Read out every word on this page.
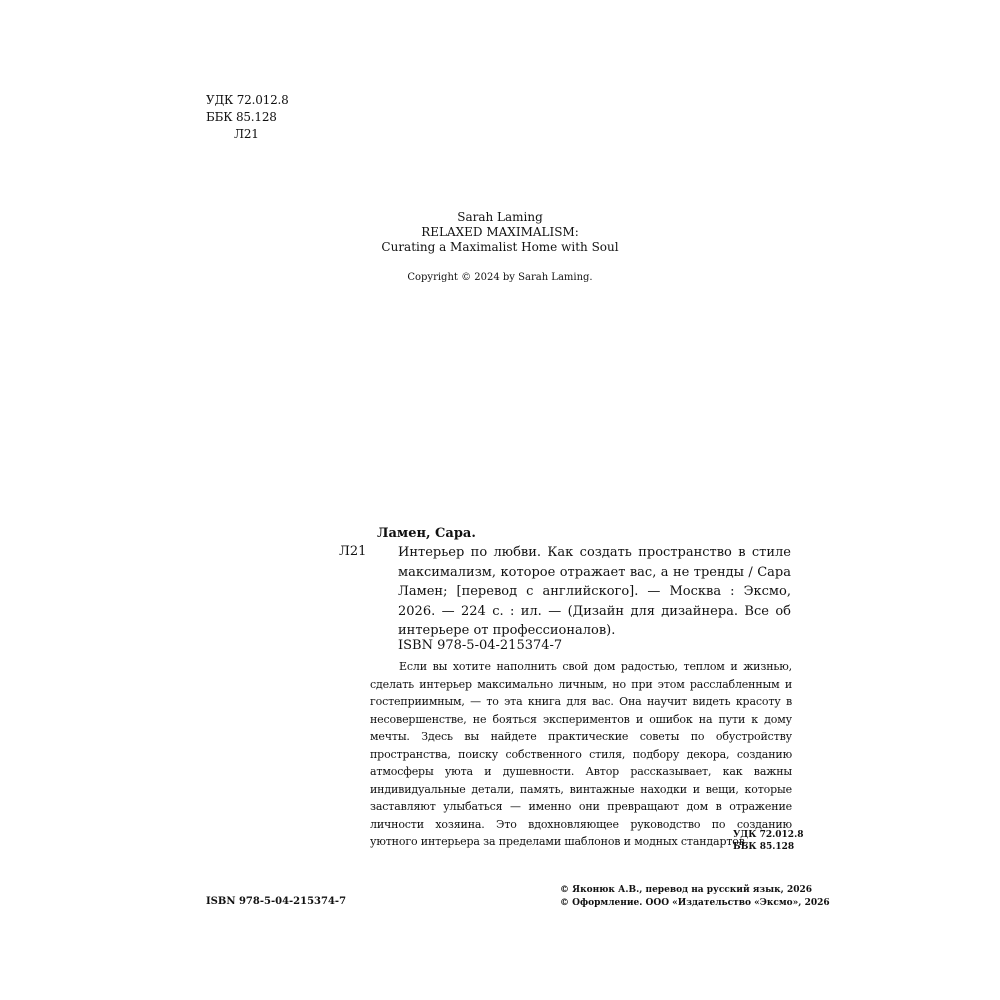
УДК 72.012.8
ББК 85.128
Л21
Sarah Laming
RELAXED MAXIMALISM:
Curating a Maximalist Home with Soul
Copyright © 2024 by Sarah Laming.
Ламен, Сара.
Л21 Интерьер по любви. Как создать пространство в стиле максимализм, которое отражает вас, а не тренды / Сара Ламен; [перевод с английского]. — Москва : Эксмо, 2026. — 224 с. : ил. — (Дизайн для дизайнера. Все об интерьере от профессионалов).
ISBN 978-5-04-215374-7
Если вы хотите наполнить свой дом радостью, теплом и жизнью, сделать интерьер максимально личным, но при этом расслабленным и гостеприимным, — то эта книга для вас. Она научит видеть красоту в несовершенстве, не бояться экспериментов и ошибок на пути к дому мечты. Здесь вы найдете практические советы по обустройству пространства, поиску собственного стиля, подбору декора, созданию атмосферы уюта и душевности. Автор рассказывает, как важны индивидуальные детали, память, винтажные находки и вещи, которые заставляют улыбаться — именно они превращают дом в отражение личности хозяина. Это вдохновляющее руководство по созданию уютного интерьера за пределами шаблонов и модных стандартов.
УДК 72.012.8
ББК 85.128
ISBN 978-5-04-215374-7
© Яконюк А.В., перевод на русский язык, 2026
© Оформление. ООО «Издательство «Эксмо», 2026
